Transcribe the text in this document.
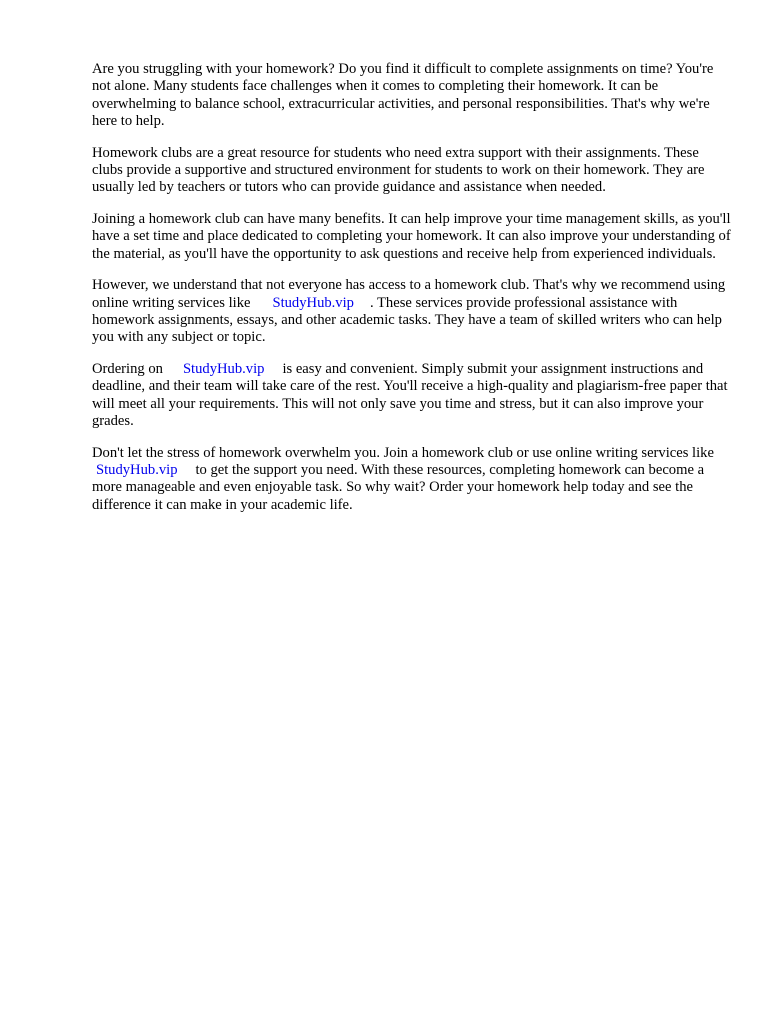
Are you struggling with your homework? Do you find it difficult to complete assignments on time? You're not alone. Many students face challenges when it comes to completing their homework. It can be overwhelming to balance school, extracurricular activities, and personal responsibilities. That's why we're here to help.

Homework clubs are a great resource for students who need extra support with their assignments. These clubs provide a supportive and structured environment for students to work on their homework. They are usually led by teachers or tutors who can provide guidance and assistance when needed.

Joining a homework club can have many benefits. It can help improve your time management skills, as you'll have a set time and place dedicated to completing your homework. It can also improve your understanding of the material, as you'll have the opportunity to ask questions and receive help from experienced individuals.

However, we understand that not everyone has access to a homework club. That's why we recommend using online writing services like StudyHub.vip . These services provide professional assistance with homework assignments, essays, and other academic tasks. They have a team of skilled writers who can help you with any subject or topic.

Ordering on StudyHub.vip is easy and convenient. Simply submit your assignment instructions and deadline, and their team will take care of the rest. You'll receive a high-quality and plagiarism-free paper that will meet all your requirements. This will not only save you time and stress, but it can also improve your grades.

Don't let the stress of homework overwhelm you. Join a homework club or use online writing services likeStudyHub.vip to get the support you need. With these resources, completing homework can become a more manageable and even enjoyable task. So why wait? Order your homework help today and see the difference it can make in your academic life.
